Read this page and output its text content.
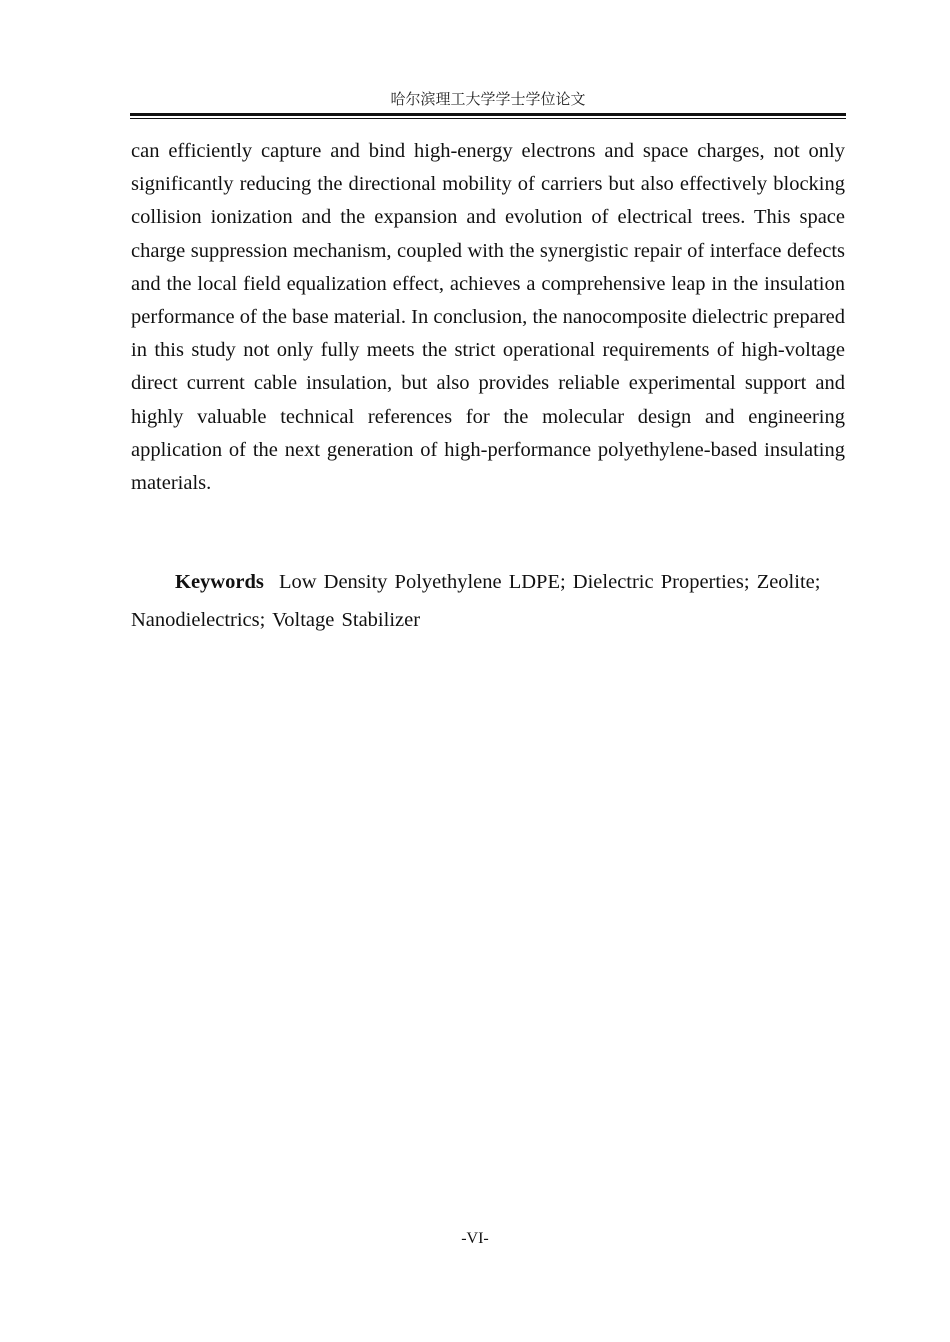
哈尔滨理工大学学士学位论文

can efficiently capture and bind high-energy electrons and space charges, not only significantly reducing the directional mobility of carriers but also effectively blocking collision ionization and the expansion and evolution of electrical trees. This space charge suppression mechanism, coupled with the synergistic repair of interface defects and the local field equalization effect, achieves a comprehensive leap in the insulation performance of the base material. In conclusion, the nanocomposite dielectric prepared in this study not only fully meets the strict operational requirements of high-voltage direct current cable insulation, but also provides reliable experimental support and highly valuable technical references for the molecular design and engineering application of the next generation of high-performance polyethylene-based insulating materials.

Keywords Low Density Polyethylene LDPE; Dielectric Properties; Zeolite; Nanodielectrics; Voltage Stabilizer

-VI-
